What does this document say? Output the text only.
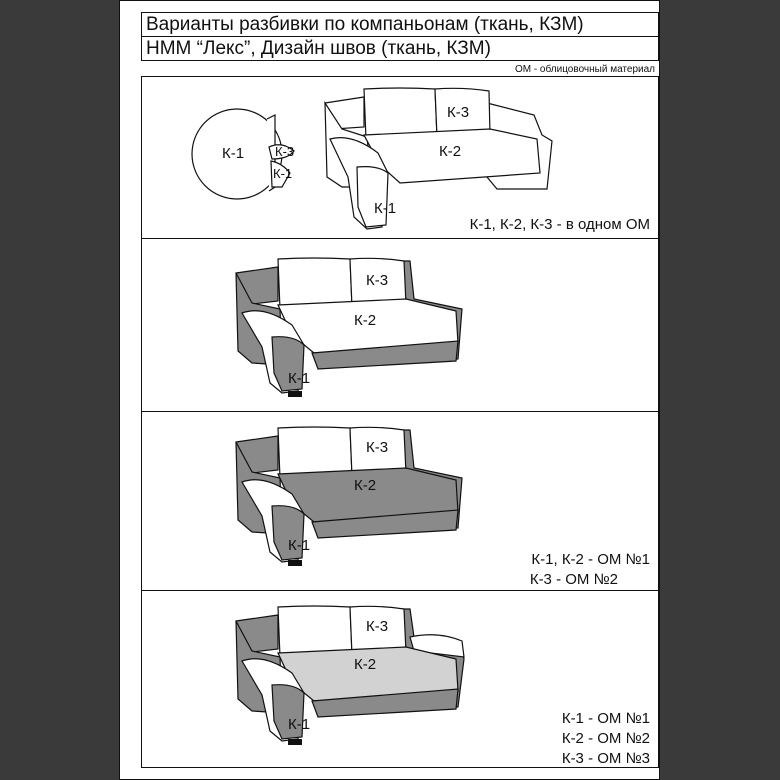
Варианты разбивки по компаньонам (ткань, КЗМ)
НММ “Лекс”, Дизайн швов (ткань, КЗМ)
ОМ - облицовочный материал
К-1 К-3
К-1
К-3
К-2
К-1
К-1, К-2, К-3 - в одном ОМ
К-3
К-2
К-1
К-3
К-2
К-1
К-1, К-2 - ОМ №1
К-3 - ОМ №2
К-3
К-2
К-1	К-1 - ОМ №1
К-2 - ОМ №2
К-3 - ОМ №3
